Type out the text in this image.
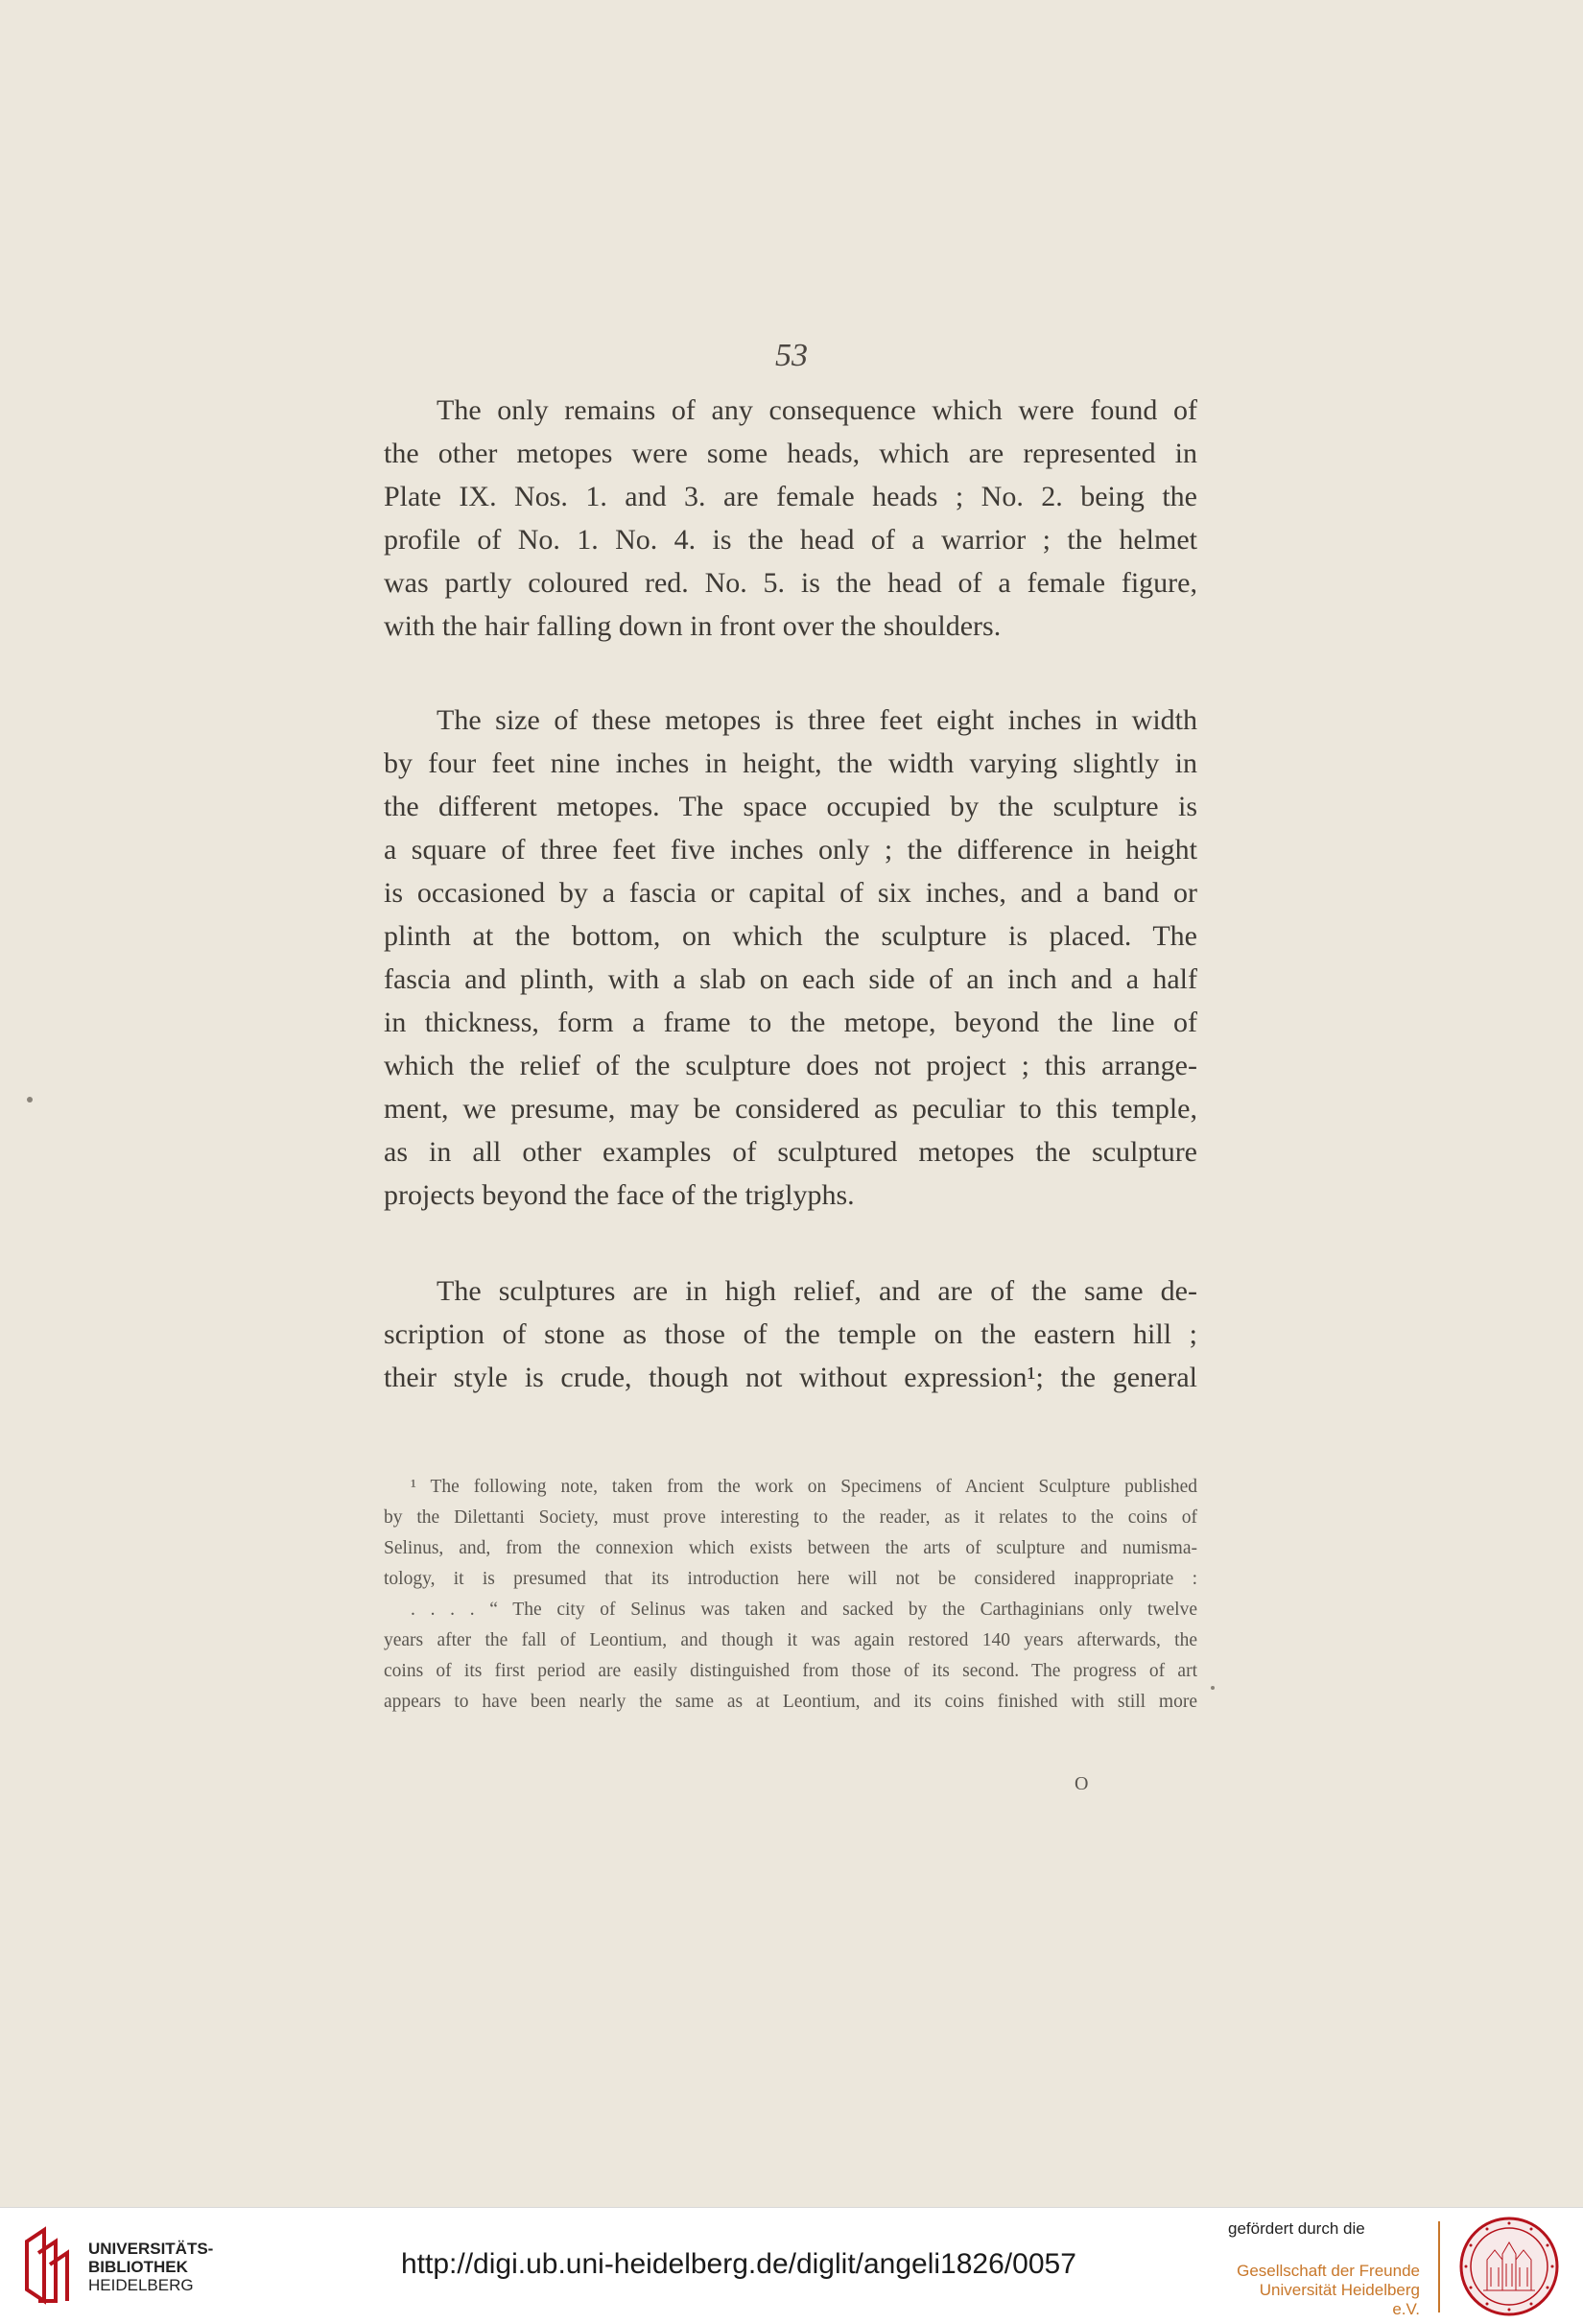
53
The only remains of any consequence which were found of
the other metopes were some heads, which are represented in
Plate IX. Nos. 1. and 3. are female heads ; No. 2. being the
profile of No. 1. No. 4. is the head of a warrior ; the helmet
was partly coloured red. No. 5. is the head of a female figure,
with the hair falling down in front over the shoulders.
The size of these metopes is three feet eight inches in width
by four feet nine inches in height, the width varying slightly in
the different metopes. The space occupied by the sculpture is
a square of three feet five inches only ; the difference in height
is occasioned by a fascia or capital of six inches, and a band or
plinth at the bottom, on which the sculpture is placed. The
fascia and plinth, with a slab on each side of an inch and a half
in thickness, form a frame to the metope, beyond the line of
which the relief of the sculpture does not project ; this arrange-
ment, we presume, may be considered as peculiar to this temple,
as in all other examples of sculptured metopes the sculpture
projects beyond the face of the triglyphs.
The sculptures are in high relief, and are of the same de-
scription of stone as those of the temple on the eastern hill ;
their style is crude, though not without expression¹; the general
¹ The following note, taken from the work on Specimens of Ancient Sculpture published
by the Dilettanti Society, must prove interesting to the reader, as it relates to the coins of
Selinus, and, from the connexion which exists between the arts of sculpture and numisma-
tology, it is presumed that its introduction here will not be considered inappropriate :
. . . . “ The city of Selinus was taken and sacked by the Carthaginians only twelve
years after the fall of Leontium, and though it was again restored 140 years afterwards, the
coins of its first period are easily distinguished from those of its second. The progress of art
appears to have been nearly the same as at Leontium, and its coins finished with still more
O
UNIVERSITÄTS-
BIBLIOTHEK
HEIDELBERG
http://digi.ub.uni-heidelberg.de/diglit/angeli1826/0057
gefördert durch die
Gesellschaft der Freunde
Universität Heidelberg e.V.
